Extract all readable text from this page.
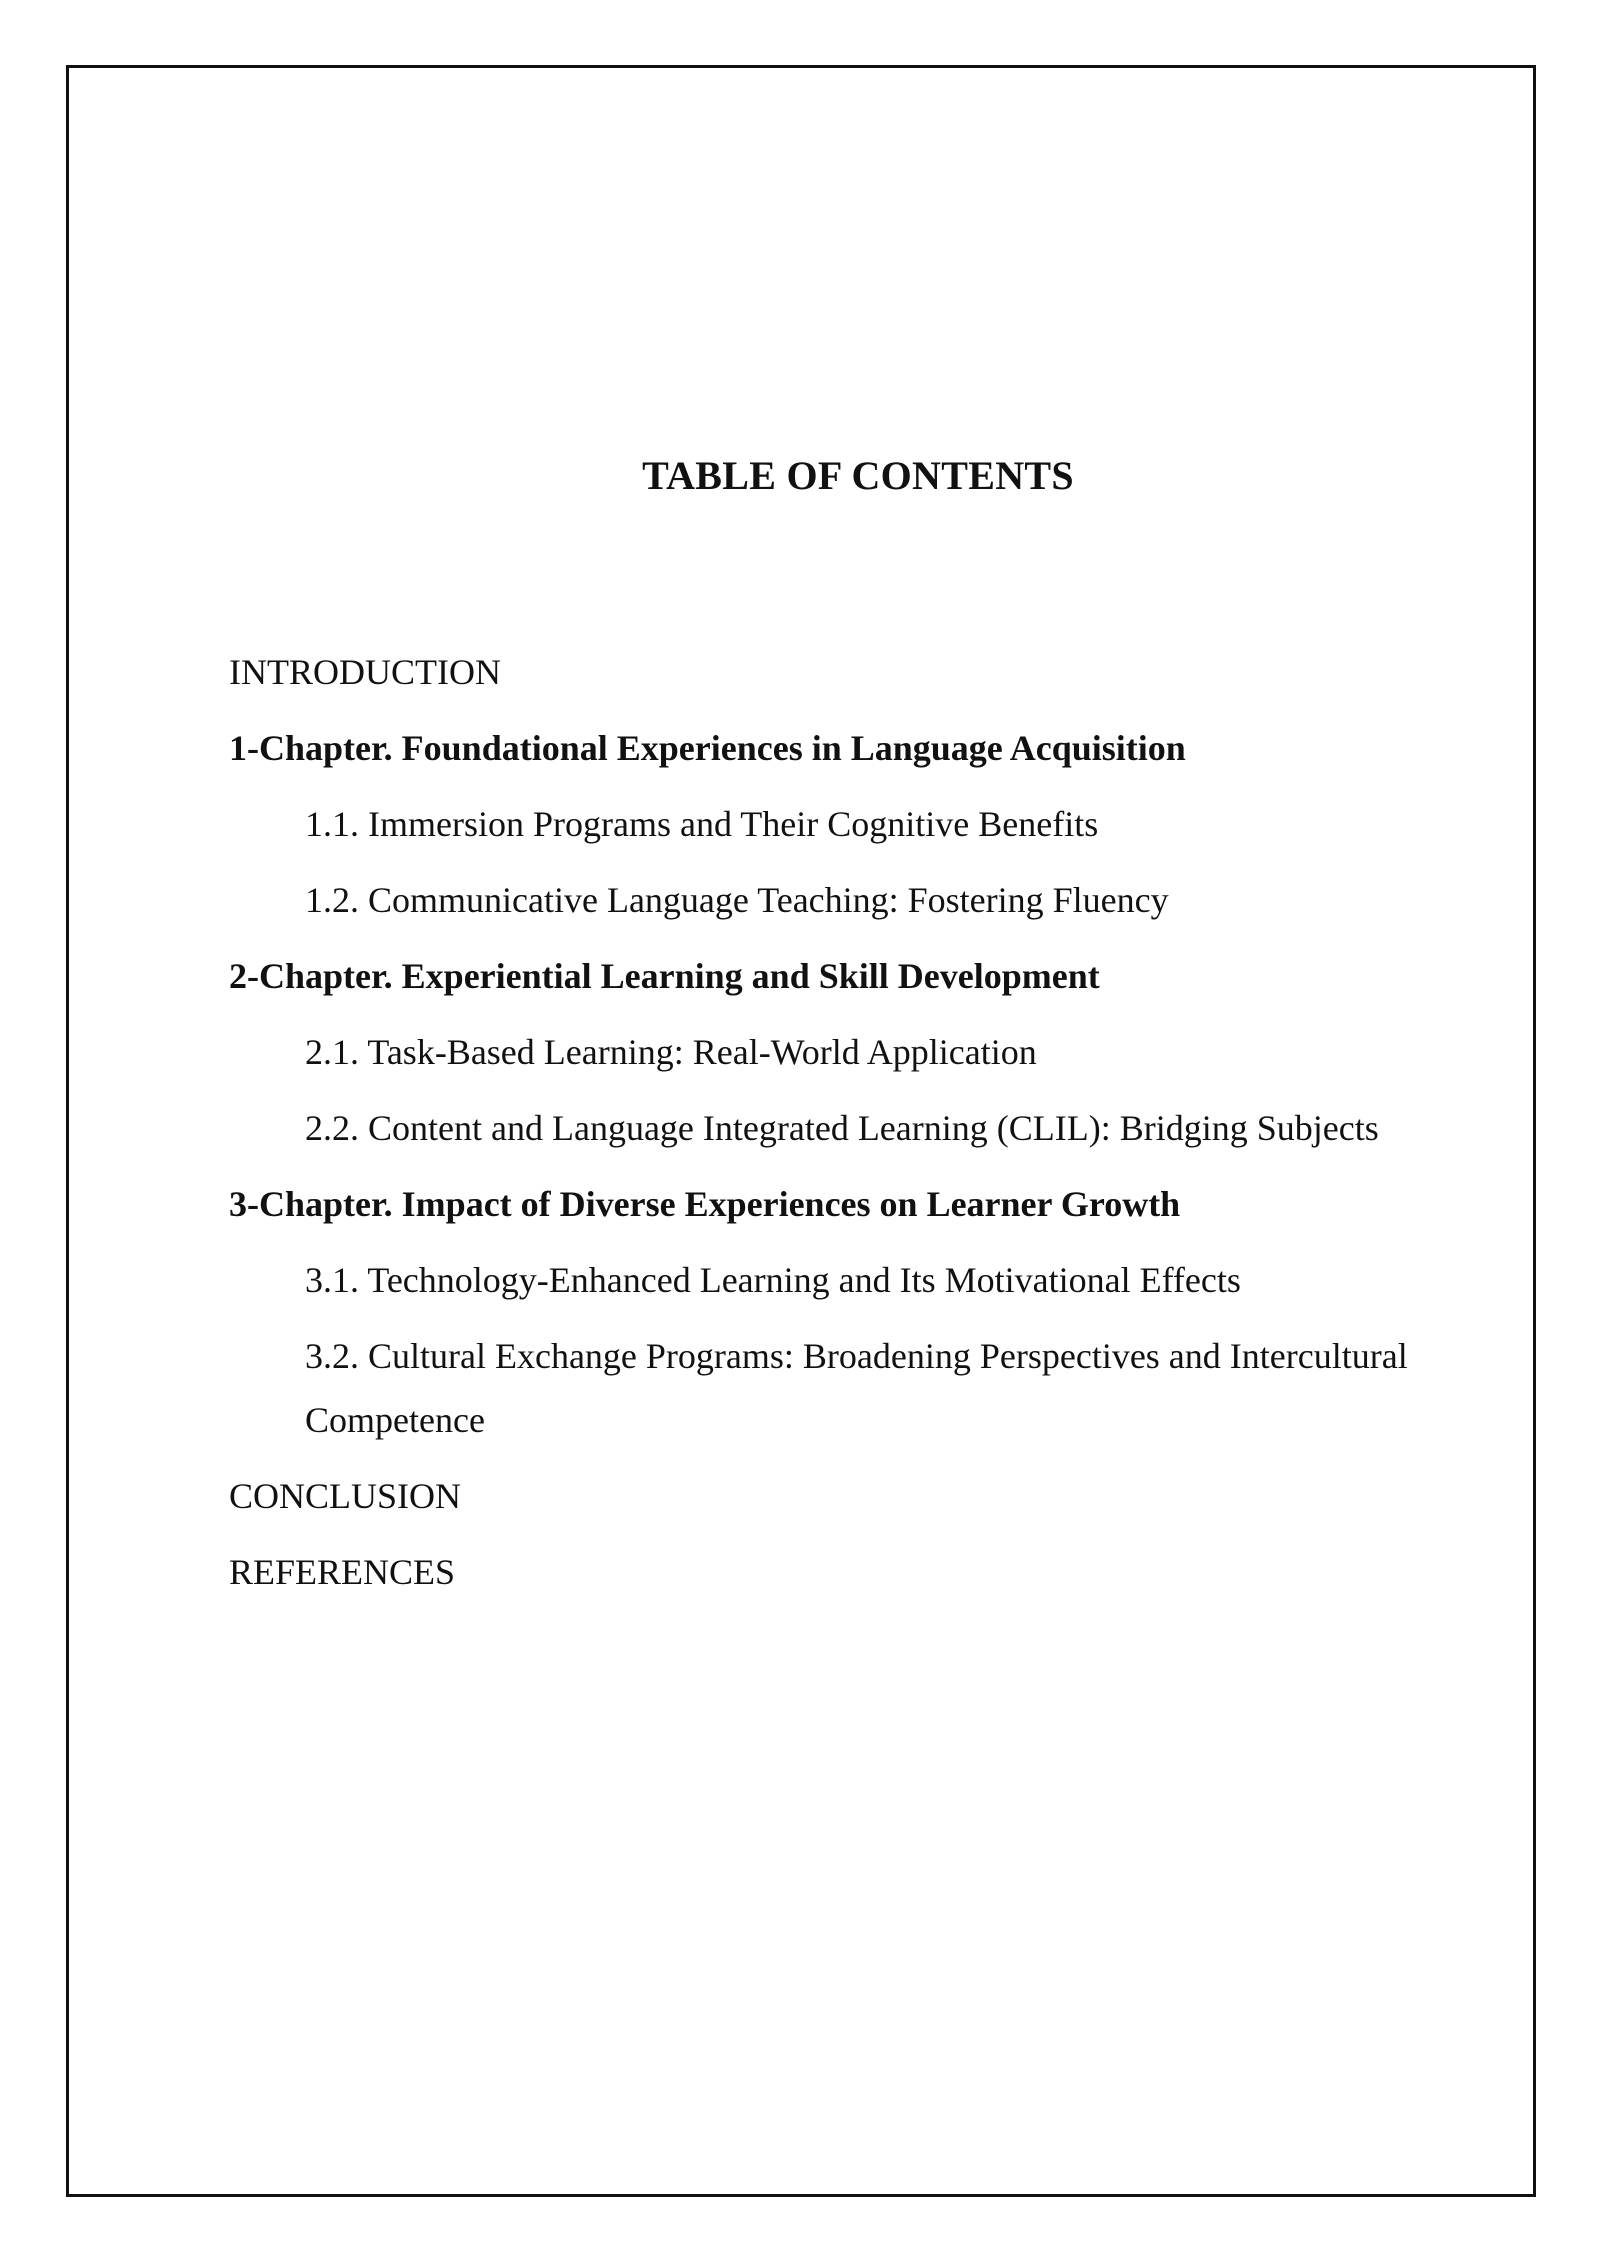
TABLE OF CONTENTS
INTRODUCTION
1-Chapter. Foundational Experiences in Language Acquisition
1.1. Immersion Programs and Their Cognitive Benefits
1.2. Communicative Language Teaching: Fostering Fluency
2-Chapter. Experiential Learning and Skill Development
2.1. Task-Based Learning: Real-World Application
2.2. Content and Language Integrated Learning (CLIL): Bridging Subjects
3-Chapter. Impact of Diverse Experiences on Learner Growth
3.1. Technology-Enhanced Learning and Its Motivational Effects
3.2. Cultural Exchange Programs: Broadening Perspectives and Intercultural Competence
CONCLUSION
REFERENCES
